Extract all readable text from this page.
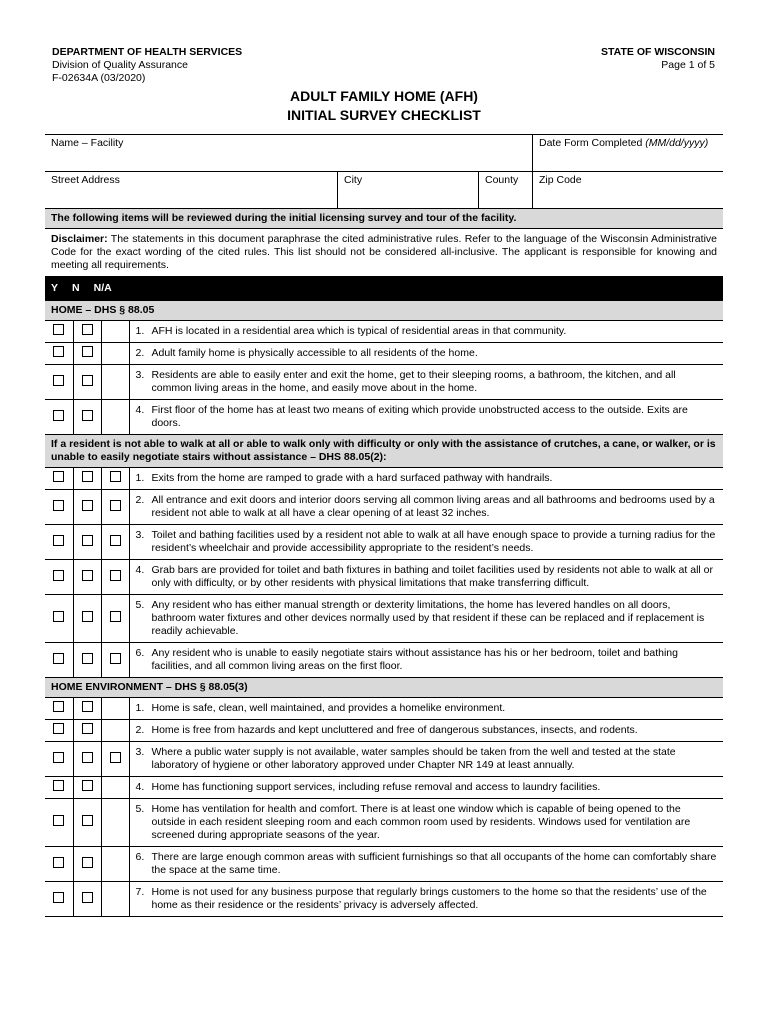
DEPARTMENT OF HEALTH SERVICES
Division of Quality Assurance
F-02634A (03/2020)
STATE OF WISCONSIN
Page 1 of 5
ADULT FAMILY HOME (AFH)
INITIAL SURVEY CHECKLIST
Name – Facility			Date Form Completed (MM/dd/yyyy)
Street Address	City	County	Zip Code
The following items will be reviewed during the initial licensing survey and tour of the facility.			
Disclaimer: The statements in this document paraphrase the cited administrative rules. Refer to the language of the Wisconsin Administrative Code for the exact wording of the cited rules. This list should not be considered all-inclusive. The applicant is responsible for knowing and meeting all requirements.			
Y N N/A			
HOME – DHS § 88.05			

			1. AFH is located in a residential area which is typical of residential areas in that community.

			2. Adult family home is physically accessible to all residents of the home.

			3. Residents are able to easily enter and exit the home, get to their sleeping rooms, a bathroom, the kitchen, and all common living areas in the home, and easily move about in the home.

			4. First floor of the home has at least two means of exiting which provide unobstructed access to the outside. Exits are doors.

If a resident is not able to walk at all or able to walk only with difficulty or only with the assistance of crutches, a cane, or walker, or is unable to easily negotiate stairs without assistance – DHS 88.05(2):			

			1. Exits from the home are ramped to grade with a hard surfaced pathway with handrails.

			2. All entrance and exit doors and interior doors serving all common living areas and all bathrooms and bedrooms used by a resident not able to walk at all have a clear opening of at least 32 inches.

			3. Toilet and bathing facilities used by a resident not able to walk at all have enough space to provide a turning radius for the resident’s wheelchair and provide accessibility appropriate to the resident’s needs.

			4. Grab bars are provided for toilet and bath fixtures in bathing and toilet facilities used by residents not able to walk at all or only with difficulty, or by other residents with physical limitations that make transferring difficult.

			5. Any resident who has either manual strength or dexterity limitations, the home has levered handles on all doors, bathroom water fixtures and other devices normally used by that resident if these can be replaced and if replacement is readily achievable.

			6. Any resident who is unable to easily negotiate stairs without assistance has his or her bedroom, toilet and bathing facilities, and all common living areas on the first floor.

HOME ENVIRONMENT – DHS § 88.05(3)			

			1. Home is safe, clean, well maintained, and provides a homelike environment.

			2. Home is free from hazards and kept uncluttered and free of dangerous substances, insects, and rodents.

			3. Where a public water supply is not available, water samples should be taken from the well and tested at the state laboratory of hygiene or other laboratory approved under Chapter NR 149 at least annually.

			4. Home has functioning support services, including refuse removal and access to laundry facilities.

			5. Home has ventilation for health and comfort. There is at least one window which is capable of being opened to the outside in each resident sleeping room and each common room used by residents. Windows used for ventilation are screened during appropriate seasons of the year.

			6. There are large enough common areas with sufficient furnishings so that all occupants of the home can comfortably share the space at the same time.

			7. Home is not used for any business purpose that regularly brings customers to the home so that the residents’ use of the home as their residence or the residents’ privacy is adversely affected.
